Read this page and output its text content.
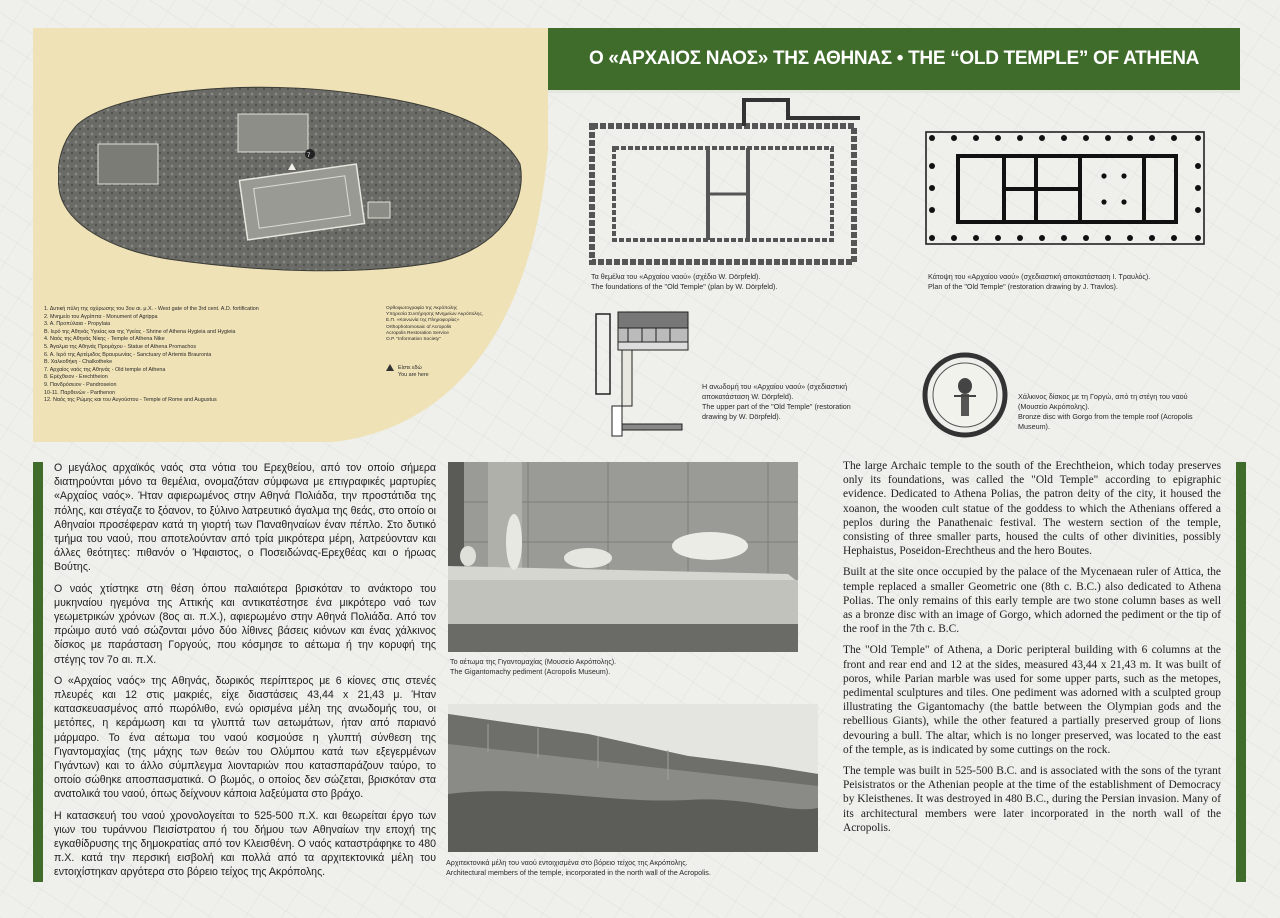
7
1. Δυτική πύλη της οχύρωσης του 3ου αι. μ.Χ. - West gate of the 3rd cent. A.D. fortification
2. Μνημείο του Αγρίππα - Monument of Agrippa
3. Α. Προπύλαια - Propylaia
Β. Ιερό της Αθηνάς Υγιείας και της Υγείας - Shrine of Athena Hygieia and Hygieia
4. Ναός της Αθηνάς Νίκης - Temple of Athena Nike
5. Άγαλμα της Αθηνάς Προμάχου - Statue of Athena Promachos
6. Α. Ιερό της Αρτέμιδος Βραυρωνίας - Sanctuary of Artemis Brauronia
Β. Χαλκοθήκη - Chalkotheke
7. Αρχαίος ναός της Αθηνάς - Old temple of Athena
8. Ερέχθειον - Erechtheion
9. Πανδρόσειον - Pandroseion
10-11. Παρθενών - Parthenon
12. Ναός της Ρώμης και του Αυγούστου - Temple of Rome and Augustus
Ορθοφωτογραφία της Ακρόπολης
Υπηρεσία Συντήρησης Μνημείων Ακρόπολης,
Ε.Π. «Κοινωνία της Πληροφορίας»
Orthophotomosaic of Acropolis
Acropolis Restoration Service
O.P. "Information Society"
Είστε εδώ
You are here
Ο «ΑΡΧΑΙΟΣ ΝΑΟΣ» ΤΗΣ ΑΘΗΝΑΣ • THE “OLD TEMPLE” OF ATHENA
Τα θεμέλια του «Αρχαίου ναού» (σχέδιο W. Dörpfeld).
The foundations of the "Old Temple" (plan by W. Dörpfeld).
Κάτοψη του «Αρχαίου ναού» (σχεδιαστική αποκατάσταση Ι. Τραυλός).
Plan of the "Old Temple" (restoration drawing by J. Travlos).
Η ανωδομή του «Αρχαίου ναού» (σχεδιαστική αποκατάσταση W. Dörpfeld).
The upper part of the "Old Temple" (restoration drawing by W. Dörpfeld).
Χάλκινος δίσκος με τη Γοργώ, από τη στέγη του ναού (Μουσείο Ακρόπολης).
Bronze disc with Gorgo from the temple roof (Acropolis Museum).

Ο μεγάλος αρχαϊκός ναός στα νότια του Ερεχθείου, από τον οποίο σήμερα διατηρούνται μόνο τα θεμέλια, ονομαζόταν σύμφωνα με επιγραφικές μαρτυρίες «Αρχαίος ναός». Ήταν αφιερωμένος στην Αθηνά Πολιάδα, την προστάτιδα της πόλης, και στέγαζε το ξόανον, το ξύλινο λατρευτικό άγαλμα της θεάς, στο οποίο οι Αθηναίοι προσέφεραν κατά τη γιορτή των Παναθηναίων έναν πέπλο. Στο δυτικό τμήμα του ναού, που αποτελούνταν από τρία μικρότερα μέρη, λατρεύονταν και άλλες θεότητες: πιθανόν ο Ήφαιστος, ο Ποσειδώνας-Ερεχθέας και ο ήρωας Βούτης.

Ο ναός χτίστηκε στη θέση όπου παλαιότερα βρισκόταν το ανάκτορο του μυκηναίου ηγεμόνα της Αττικής και αντικατέστησε ένα μικρότερο ναό των γεωμετρικών χρόνων (8ος αι. π.Χ.), αφιερωμένο στην Αθηνά Πολιάδα. Από τον πρώιμο αυτό ναό σώζονται μόνο δύο λίθινες βάσεις κιόνων και ένας χάλκινος δίσκος με παράσταση Γοργούς, που κόσμησε το αέτωμα ή την κορυφή της στέγης τον 7ο αι. π.Χ.

Ο «Αρχαίος ναός» της Αθηνάς, δωρικός περίπτερος με 6 κίονες στις στενές πλευρές και 12 στις μακριές, είχε διαστάσεις 43,44 x 21,43 μ. Ήταν κατασκευασμένος από πωρόλιθο, ενώ ορισμένα μέλη της ανωδομής του, οι μετόπες, η κεράμωση και τα γλυπτά των αετωμάτων, ήταν από παριανό μάρμαρο. Το ένα αέτωμα του ναού κοσμούσε η γλυπτή σύνθεση της Γιγαντομαχίας (της μάχης των θεών του Ολύμπου κατά των εξεγερμένων Γιγάντων) και το άλλο σύμπλεγμα λιονταριών που κατασπαράζουν ταύρο, το οποίο σώθηκε αποσπασματικά. Ο βωμός, ο οποίος δεν σώζεται, βρισκόταν στα ανατολικά του ναού, όπως δείχνουν κάποια λαξεύματα στο βράχο.

Η κατασκευή του ναού χρονολογείται το 525-500 π.Χ. και θεωρείται έργο των γιων του τυράννου Πεισίστρατου ή του δήμου των Αθηναίων την εποχή της εγκαθίδρυσης της δημοκρατίας από τον Κλεισθένη. Ο ναός καταστράφηκε το 480 π.Χ. κατά την περσική εισβολή και πολλά από τα αρχιτεκτονικά μέλη του εντοιχίστηκαν αργότερα στο βόρειο τείχος της Ακρόπολης.

Το αέτωμα της Γιγαντομαχίας (Μουσείο Ακρόπολης).
The Gigantomachy pediment (Acropolis Museum).
Αρχιτεκτονικά μέλη του ναού εντοιχισμένα στο βόρειο τείχος της Ακρόπολης.
Architectural members of the temple, incorporated in the north wall of the Acropolis.

The large Archaic temple to the south of the Erechtheion, which today preserves only its foundations, was called the "Old Temple" according to epigraphic evidence. Dedicated to Athena Polias, the patron deity of the city, it housed the xoanon, the wooden cult statue of the goddess to which the Athenians offered a peplos during the Panathenaic festival. The western section of the temple, consisting of three smaller parts, housed the cults of other divinities, possibly Hephaistus, Poseidon-Erechtheus and the hero Boutes.

Built at the site once occupied by the palace of the Mycenaean ruler of Attica, the temple replaced a smaller Geometric one (8th c. B.C.) also dedicated to Athena Polias. The only remains of this early temple are two stone column bases as well as a bronze disc with an image of Gorgo, which adorned the pediment or the tip of the roof in the 7th c. B.C.

The "Old Temple" of Athena, a Doric peripteral building with 6 columns at the front and rear end and 12 at the sides, measured 43,44 x 21,43 m. It was built of poros, while Parian marble was used for some upper parts, such as the metopes, pedimental sculptures and tiles. One pediment was adorned with a sculpted group illustrating the Gigantomachy (the battle between the Olympian gods and the rebellious Giants), while the other featured a partially preserved group of lions devouring a bull. The altar, which is no longer preserved, was located to the east of the temple, as is indicated by some cuttings on the rock.

The temple was built in 525-500 B.C. and is associated with the sons of the tyrant Peisistratos or the Athenian people at the time of the establishment of Democracy by Kleisthenes. It was destroyed in 480 B.C., during the Persian invasion. Many of its architectural members were later incorporated in the north wall of the Acropolis.
